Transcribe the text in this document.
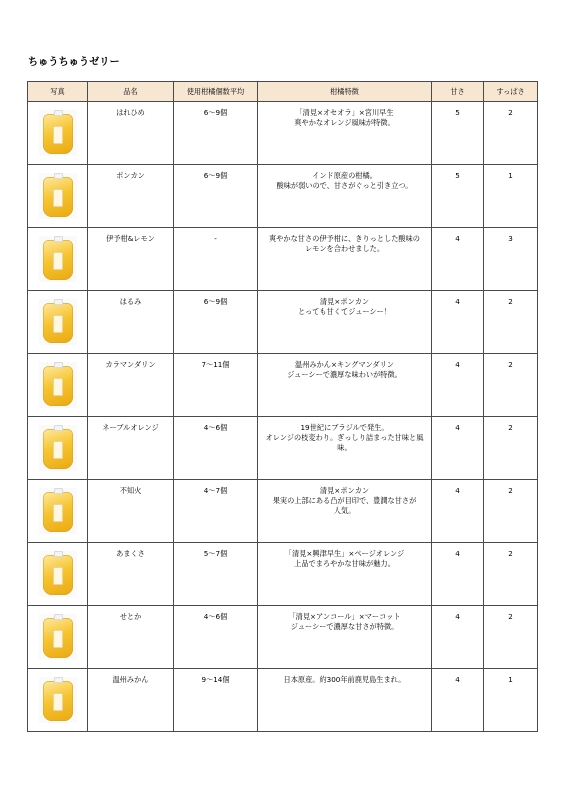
ちゅうちゅうゼリー
写真	品名	使用柑橘個数平均	柑橘特徴	甘さ	すっぱさ

	はれひめ	6～9個	「清見×オセオラ」×宮川早生
爽やかなオレンジ風味が特徴。	5	2

	ポンカン	6～9個	インド原産の柑橘。
酸味が弱いので、甘さがぐっと引き立つ。	5	1

	伊予柑&レモン	-	爽やかな甘さの伊予柑に、きりっとした酸味の
レモンを合わせました。	4	3

	はるみ	6～9個	清見×ポンカン
とっても甘くてジューシー！	4	2

	カラマンダリン	7～11個	温州みかん×キングマンダリン
ジューシーで濃厚な味わいが特徴。	4	2

	ネーブルオレンジ	4～6個	19世紀にブラジルで発生。
オレンジの枝変わり。ぎっしり詰まった甘味と風
味。	4	2

	不知火	4～7個	清見×ポンカン
果実の上部にある凸が目印で、豊潤な甘さが
人気。	4	2

	あまくさ	5～7個	「清見×興津早生」×ページオレンジ
上品でまろやかな甘味が魅力。	4	2

	せとか	4～6個	「清見×アンコール」×マーコット
ジューシーで濃厚な甘さが特徴。	4	2

	温州みかん	9～14個	日本原産。約300年前鹿児島生まれ。	4	1
